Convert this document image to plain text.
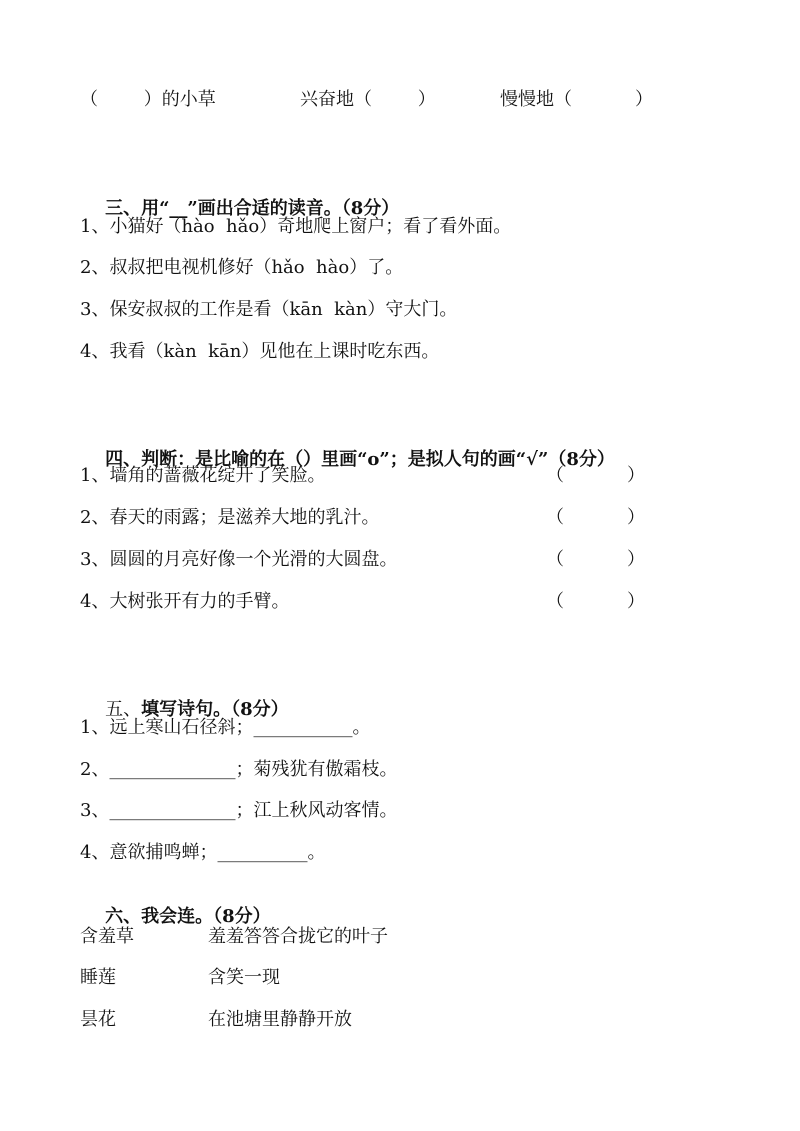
（        ）的小草	兴奋地（        ）	慢慢地（           ）

三、用“__”画出合适的读音。（8分）

1、小猫好（hào  hǎo）奇地爬上窗户；看了看外面。
2、叔叔把电视机修好（hǎo  hào）了。
3、保安叔叔的工作是看（kān  kàn）守大门。
4、我看（kàn  kān）见他在上课时吃东西。

四、判断：是比喻的在（）里画“o”；是拟人句的画“√”（8分）

1、墙角的蔷薇花绽开了笑脸。	（           ）
2、春天的雨露；是滋养大地的乳汁。	（           ）
3、圆圆的月亮好像一个光滑的大圆盘。	（           ）
4、大树张开有力的手臂。	（           ）

五、填写诗句。（8分）

1、远上寒山石径斜；___________。
2、______________；菊残犹有傲霜枝。
3、______________；江上秋风动客情。
4、意欲捕鸣蝉；__________。

六、我会连。（8分）

含羞草	羞羞答答合拢它的叶子
睡莲	含笑一现
昙花	在池塘里静静开放
